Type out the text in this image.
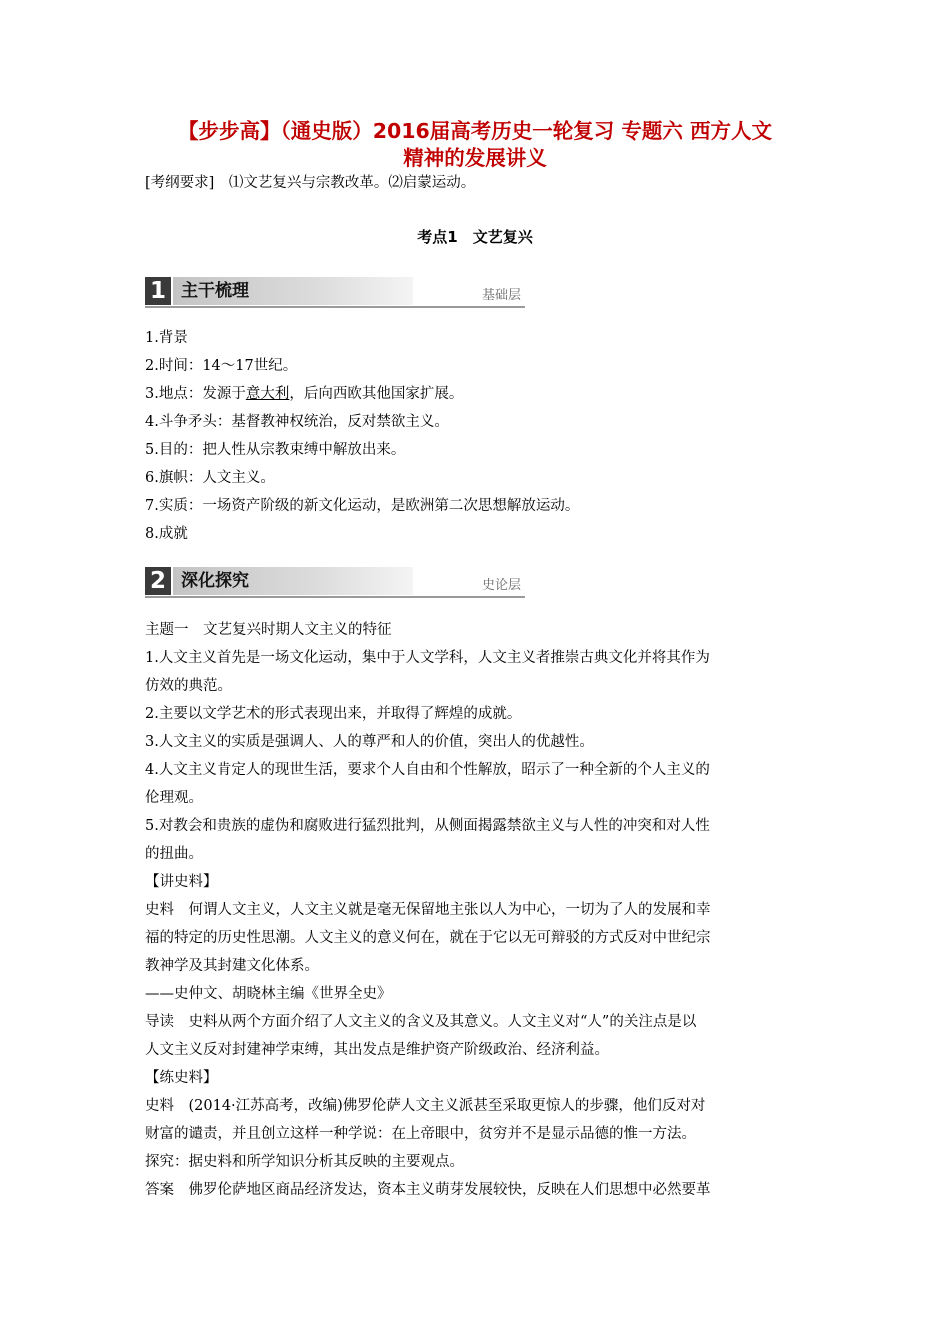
【步步高】（通史版）2016届高考历史一轮复习 专题六 西方人文
精神的发展讲义
[考纲要求]　⑴文艺复兴与宗教改革。⑵启蒙运动。
考点1　文艺复兴
1 主干梳理	基础层
1.背景
2.时间：14～17世纪。
3.地点：发源于意大利，后向西欧其他国家扩展。
4.斗争矛头：基督教神权统治，反对禁欲主义。
5.目的：把人性从宗教束缚中解放出来。
6.旗帜：人文主义。
7.实质：一场资产阶级的新文化运动，是欧洲第二次思想解放运动。
8.成就
2 深化探究	史论层
主题一　文艺复兴时期人文主义的特征
1.人文主义首先是一场文化运动，集中于人文学科，人文主义者推崇古典文化并将其作为
仿效的典范。
2.主要以文学艺术的形式表现出来，并取得了辉煌的成就。
3.人文主义的实质是强调人、人的尊严和人的价值，突出人的优越性。
4.人文主义肯定人的现世生活，要求个人自由和个性解放，昭示了一种全新的个人主义的
伦理观。
5.对教会和贵族的虚伪和腐败进行猛烈批判，从侧面揭露禁欲主义与人性的冲突和对人性
的扭曲。
【讲史料】
史料　何谓人文主义，人文主义就是毫无保留地主张以人为中心，一切为了人的发展和幸
福的特定的历史性思潮。人文主义的意义何在，就在于它以无可辩驳的方式反对中世纪宗
教神学及其封建文化体系。
——史仲文、胡晓林主编《世界全史》
导读　史料从两个方面介绍了人文主义的含义及其意义。人文主义对“人”的关注点是以
人文主义反对封建神学束缚，其出发点是维护资产阶级政治、经济利益。
【练史料】
史料　(2014·江苏高考，改编)佛罗伦萨人文主义派甚至采取更惊人的步骤，他们反对对
财富的谴责，并且创立这样一种学说：在上帝眼中，贫穷并不是显示品德的惟一方法。
探究：据史料和所学知识分析其反映的主要观点。
答案　佛罗伦萨地区商品经济发达，资本主义萌芽发展较快，反映在人们思想中必然要革
